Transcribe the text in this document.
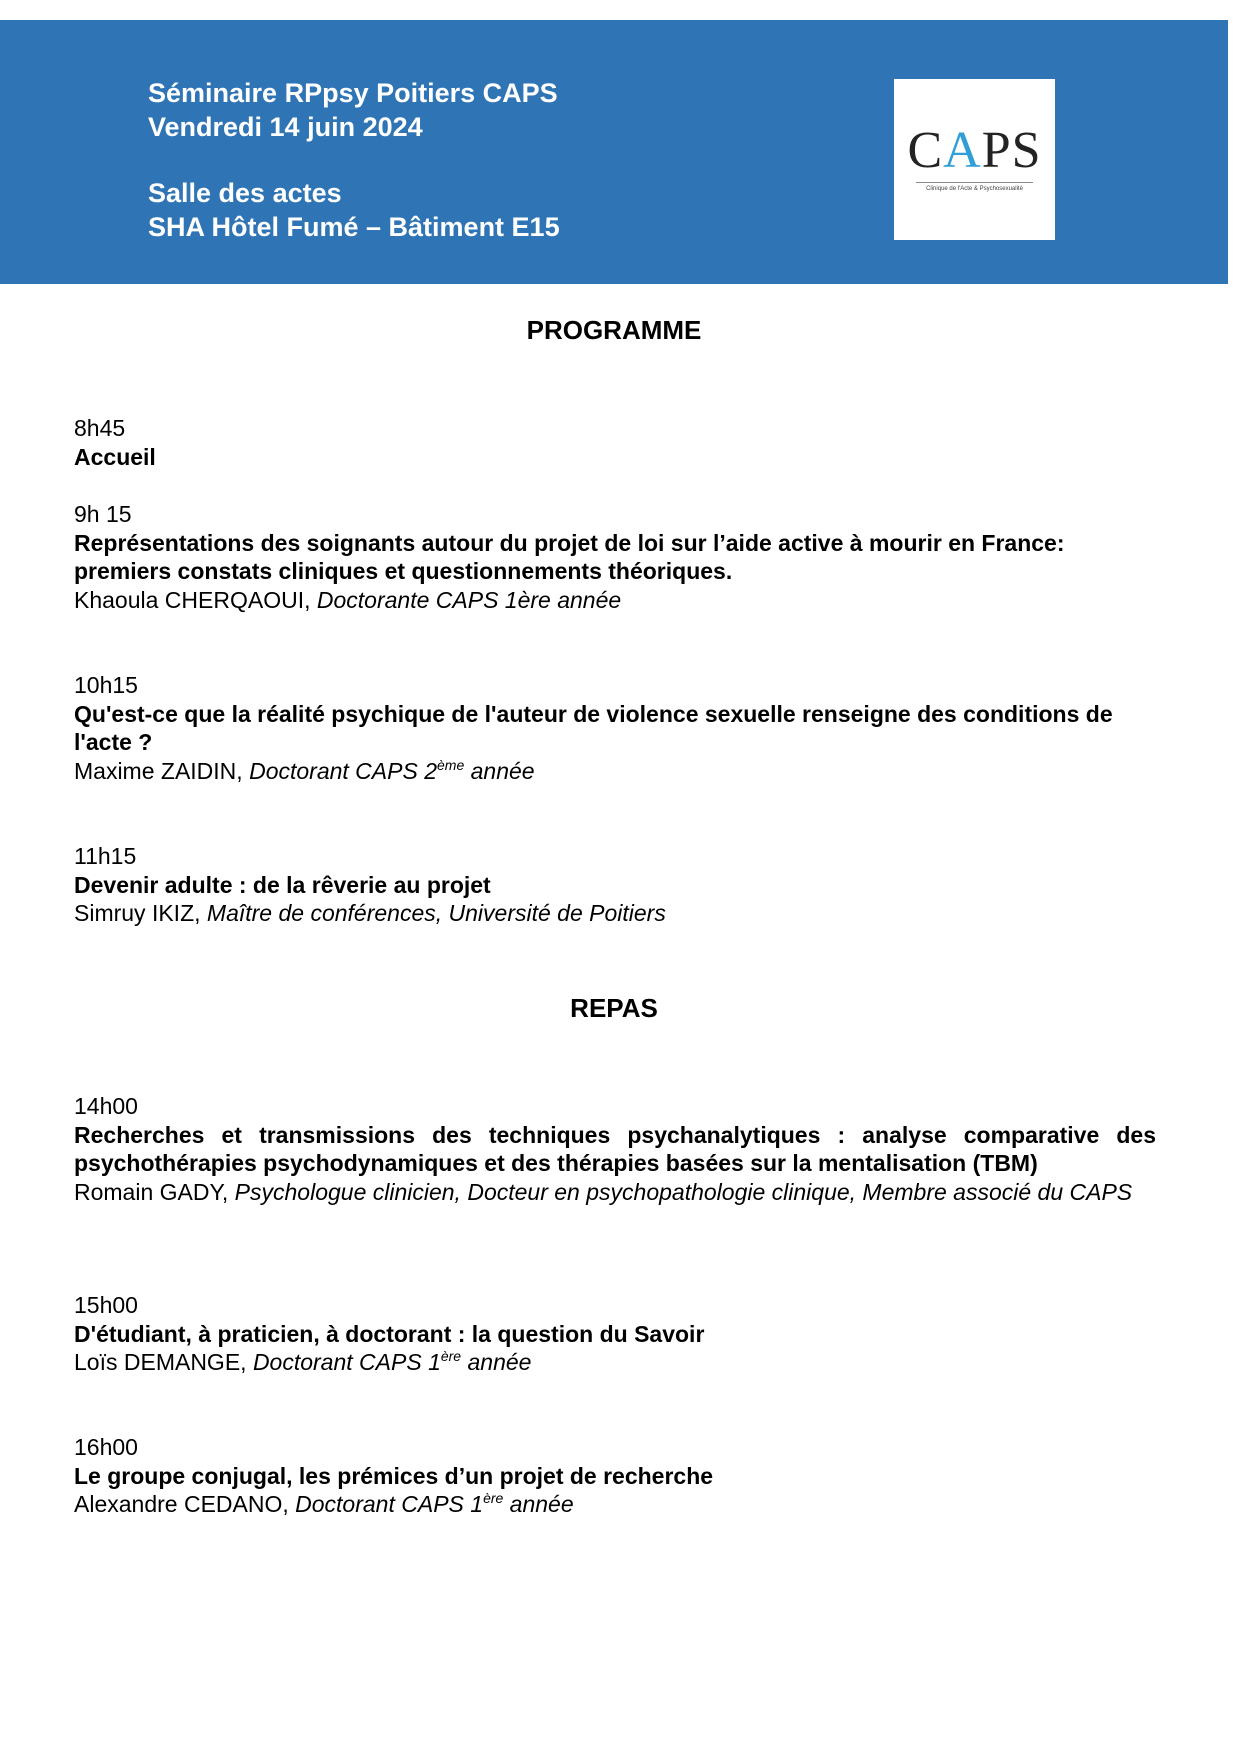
Séminaire RPpsy Poitiers CAPS
Vendredi 14 juin 2024
Salle des actes
SHA Hôtel Fumé – Bâtiment E15
CAPS
Clinique de l'Acte & Psychosexualité
PROGRAMME
8h45
Accueil
9h 15
Représentations des soignants autour du projet de loi sur l’aide active à mourir en France: premiers constats cliniques et questionnements théoriques.
Khaoula CHERQAOUI, Doctorante CAPS 1ère année
10h15
Qu'est-ce que la réalité psychique de l'auteur de violence sexuelle renseigne des conditions de l'acte ?
Maxime ZAIDIN, Doctorant CAPS 2ème année
11h15
Devenir adulte : de la rêverie au projet
Simruy IKIZ, Maître de conférences, Université de Poitiers
REPAS
14h00
Recherches et transmissions des techniques psychanalytiques : analyse comparative des psychothérapies psychodynamiques et des thérapies basées sur la mentalisation (TBM)
Romain GADY, Psychologue clinicien, Docteur en psychopathologie clinique, Membre associé du CAPS
15h00
D'étudiant, à praticien, à doctorant : la question du Savoir
Loïs DEMANGE, Doctorant CAPS 1ère année
16h00
Le groupe conjugal, les prémices d’un projet de recherche
Alexandre CEDANO, Doctorant CAPS 1ère année
